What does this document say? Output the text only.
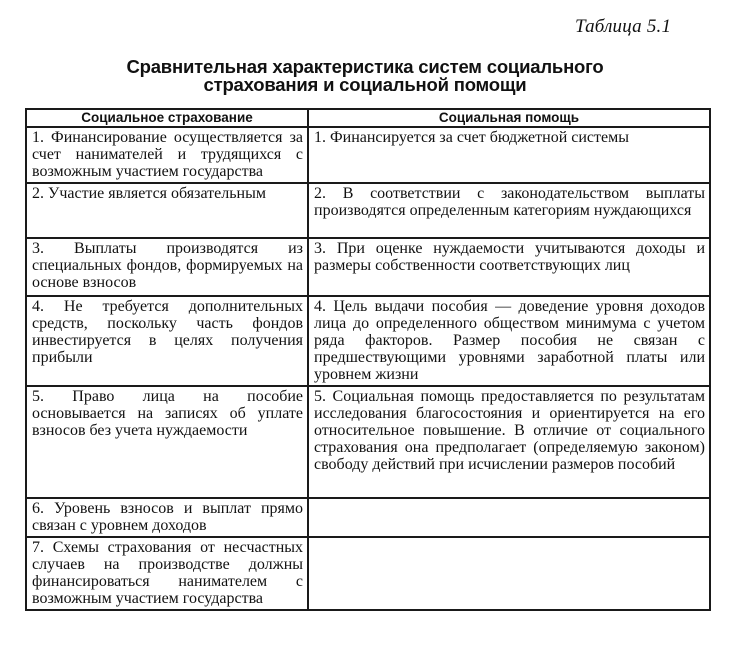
Таблица 5.1
Сравнительная характеристика систем социального
страхования и социальной помощи
Социальное страхование	Социальная помощь
1. Финансирование осуществляется за счет нанимателей и трудящихся с возможным участием государства	1. Финансируется за счет бюджетной системы
2. Участие является обязательным	2. В соответствии с законодательством выплаты производятся определенным категориям нуждающихся
3. Выплаты производятся из специальных фондов, формируемых на основе взносов	3. При оценке нуждаемости учитываются доходы и размеры собственности соответствующих лиц
4. Не требуется дополнительных средств, поскольку часть фондов инвестируется в целях получения прибыли	4. Цель выдачи пособия — доведение уровня доходов лица до определенного обществом минимума с учетом ряда факторов. Размер пособия не связан с предшествующими уровнями заработной платы или уровнем жизни
5. Право лица на пособие основывается на записях об уплате взносов без учета нуждаемости	5. Социальная помощь предоставляется по результатам исследования благосостояния и ориентируется на его относительное повышение. В отличие от социального страхования она предполагает (определяемую законом) свободу действий при исчислении размеров пособий
6. Уровень взносов и выплат прямо связан с уровнем доходов	
7. Схемы страхования от несчастных случаев на производстве должны финансироваться нанимателем с возможным участием государства	
